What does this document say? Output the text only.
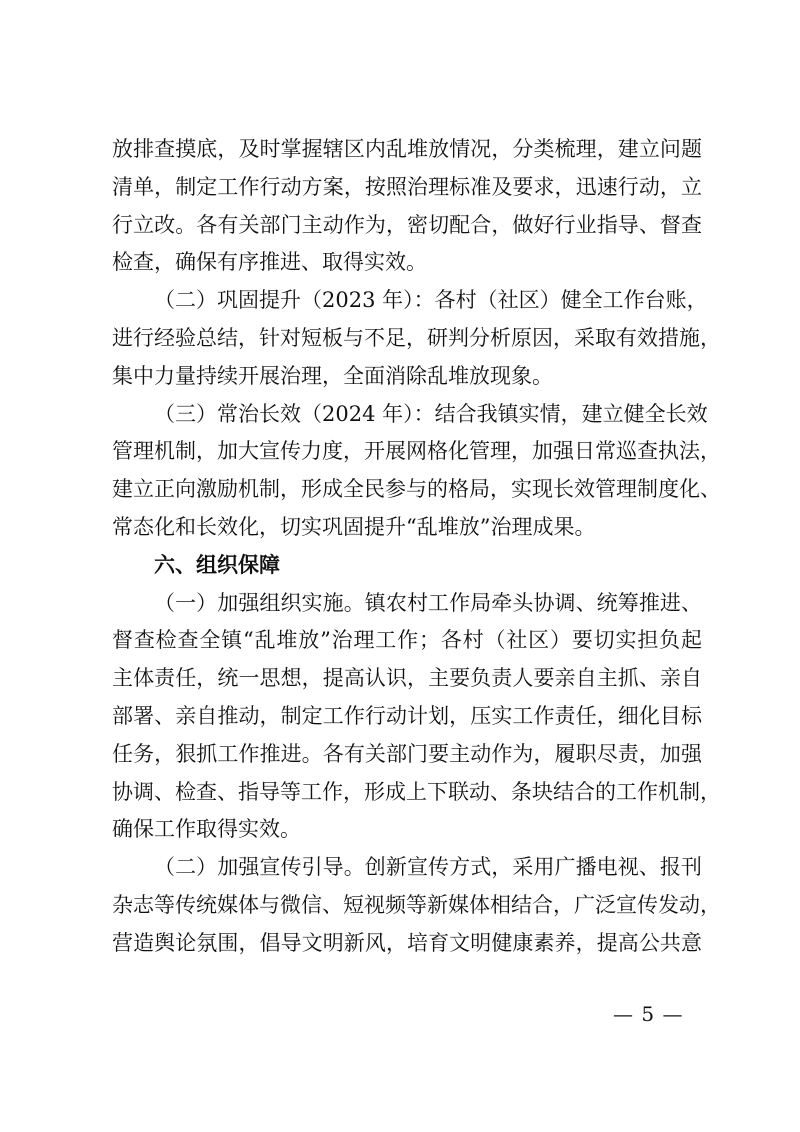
放排查摸底，及时掌握辖区内乱堆放情况，分类梳理，建立问题
清单，制定工作行动方案，按照治理标准及要求，迅速行动，立
行立改。各有关部门主动作为，密切配合，做好行业指导、督查
检查，确保有序推进、取得实效。
（二）巩固提升（2023 年）：各村（社区）健全工作台账，
进行经验总结，针对短板与不足，研判分析原因，采取有效措施，
集中力量持续开展治理，全面消除乱堆放现象。
（三）常治长效（2024 年）：结合我镇实情，建立健全长效
管理机制，加大宣传力度，开展网格化管理，加强日常巡查执法，
建立正向激励机制，形成全民参与的格局，实现长效管理制度化、
常态化和长效化，切实巩固提升“乱堆放”治理成果。
六、组织保障
（一）加强组织实施。镇农村工作局牵头协调、统筹推进、
督查检查全镇“乱堆放”治理工作；各村（社区）要切实担负起
主体责任，统一思想，提高认识，主要负责人要亲自主抓、亲自
部署、亲自推动，制定工作行动计划，压实工作责任，细化目标
任务，狠抓工作推进。各有关部门要主动作为，履职尽责，加强
协调、检查、指导等工作，形成上下联动、条块结合的工作机制，
确保工作取得实效。
（二）加强宣传引导。创新宣传方式，采用广播电视、报刊
杂志等传统媒体与微信、短视频等新媒体相结合，广泛宣传发动，
营造舆论氛围，倡导文明新风，培育文明健康素养，提高公共意
— 5 —
